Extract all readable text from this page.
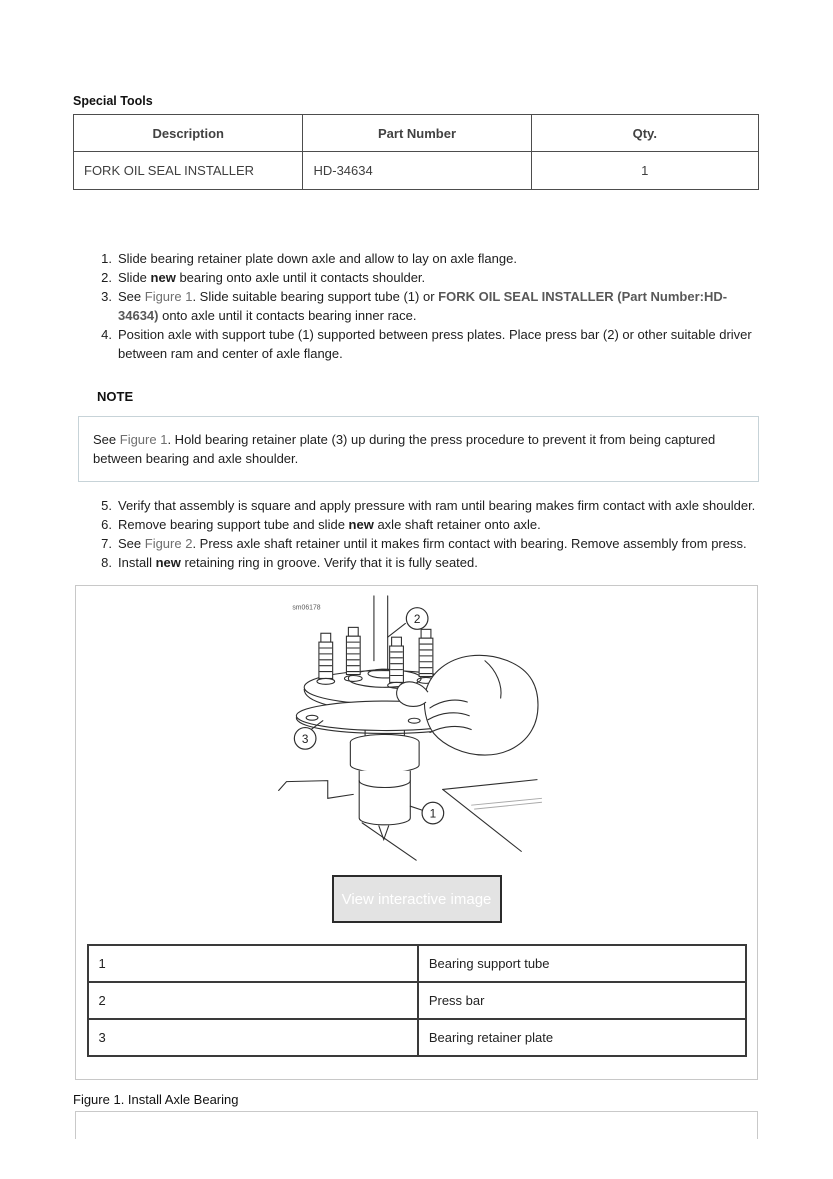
Special Tools
Description	Part Number	Qty.
FORK OIL SEAL INSTALLER	HD-34634	1
1. Slide bearing retainer plate down axle and allow to lay on axle flange.
2. Slide new bearing onto axle until it contacts shoulder.
3. See Figure 1. Slide suitable bearing support tube (1) or FORK OIL SEAL INSTALLER (Part Number:HD-34634) onto axle until it contacts bearing inner race.
4. Position axle with support tube (1) supported between press plates. Place press bar (2) or other suitable driver between ram and center of axle flange.
NOTE
See Figure 1. Hold bearing retainer plate (3) up during the press procedure to prevent it from being captured between bearing and axle shoulder.
5. Verify that assembly is square and apply pressure with ram until bearing makes firm contact with axle shoulder.
6. Remove bearing support tube and slide new axle shaft retainer onto axle.
7. See Figure 2. Press axle shaft retainer until it makes firm contact with bearing. Remove assembly from press.
8. Install new retaining ring in groove. Verify that it is fully seated.
sm06178
2
3
1
View interactive image
1	Bearing support tube
2	Press bar
3	Bearing retainer plate
Figure 1. Install Axle Bearing
